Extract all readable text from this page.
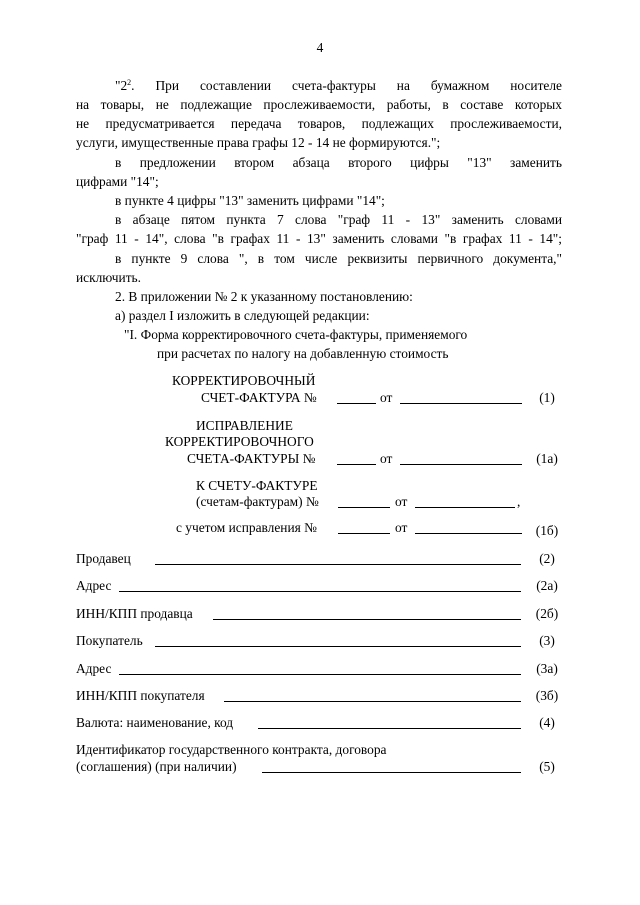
4
"$2^2$. При составлении счета-фактуры на бумажном носителе
на товары, не подлежащие прослеживаемости, работы, в составе которых
не предусматривается передача товаров, подлежащих прослеживаемости,
услуги, имущественные права графы 12 - 14 не формируются.";
в предложении втором абзаца второго цифры "13" заменить
цифрами "14";
в пункте 4 цифры "13" заменить цифрами "14";
в абзаце пятом пункта 7 слова "граф 11 - 13" заменить словами
"граф 11 - 14", слова "в графах 11 - 13" заменить словами "в графах 11 - 14";
в пункте 9 слова ", в том числе реквизиты первичного документа,"
исключить.
2. В приложении № 2 к указанному постановлению:
а) раздел I изложить в следующей редакции:
"I. Форма корректировочного счета-фактуры, применяемого
при расчетах по налогу на добавленную стоимость
КОРРЕКТИРОВОЧНЫЙ
СЧЕТ-ФАКТУРА №	от	(1)
ИСПРАВЛЕНИЕ
КОРРЕКТИРОВОЧНОГО
СЧЕТА-ФАКТУРЫ №	от	(1а)
К СЧЕТУ-ФАКТУРЕ
(счетам-фактурам) №	от	,
с учетом исправления №	от	(1б)
Продавец	(2)
Адрес	(2а)
ИНН/КПП продавца	(2б)
Покупатель	(3)
Адрес	(3а)
ИНН/КПП покупателя	(3б)
Валюта: наименование, код	(4)
Идентификатор государственного контракта, договора
(соглашения) (при наличии)	(5)
